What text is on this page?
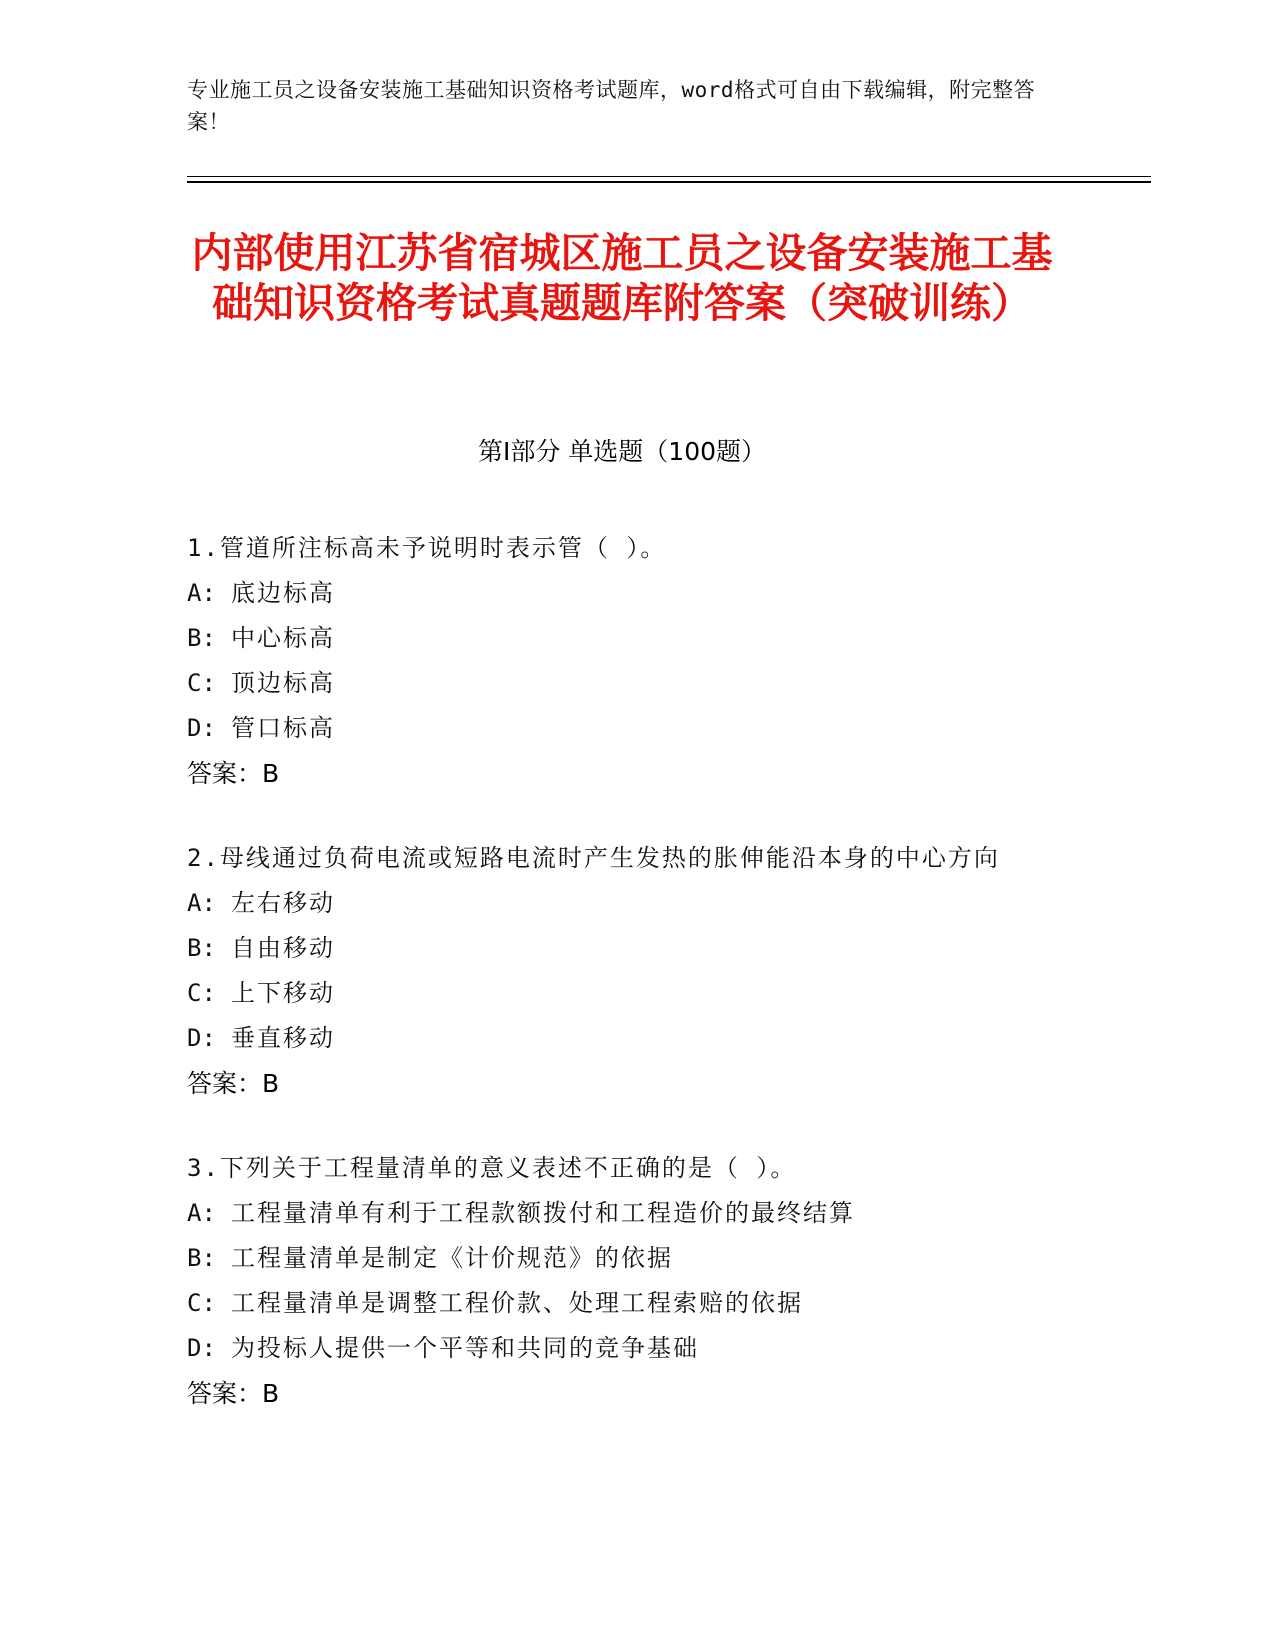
专业施工员之设备安装施工基础知识资格考试题库，word格式可自由下载编辑，附完整答案！
内部使用江苏省宿城区施工员之设备安装施工基础知识资格考试真题题库附答案（突破训练）
第Ⅰ部分 单选题（100题）
1.管道所注标高未予说明时表示管（ ）。
A: 底边标高
B: 中心标高
C: 顶边标高
D: 管口标高
答案：B
2.母线通过负荷电流或短路电流时产生发热的胀伸能沿本身的中心方向
A: 左右移动
B: 自由移动
C: 上下移动
D: 垂直移动
答案：B
3.下列关于工程量清单的意义表述不正确的是（ ）。
A: 工程量清单有利于工程款额拨付和工程造价的最终结算
B: 工程量清单是制定《计价规范》的依据
C: 工程量清单是调整工程价款、处理工程索赔的依据
D: 为投标人提供一个平等和共同的竞争基础
答案：B
